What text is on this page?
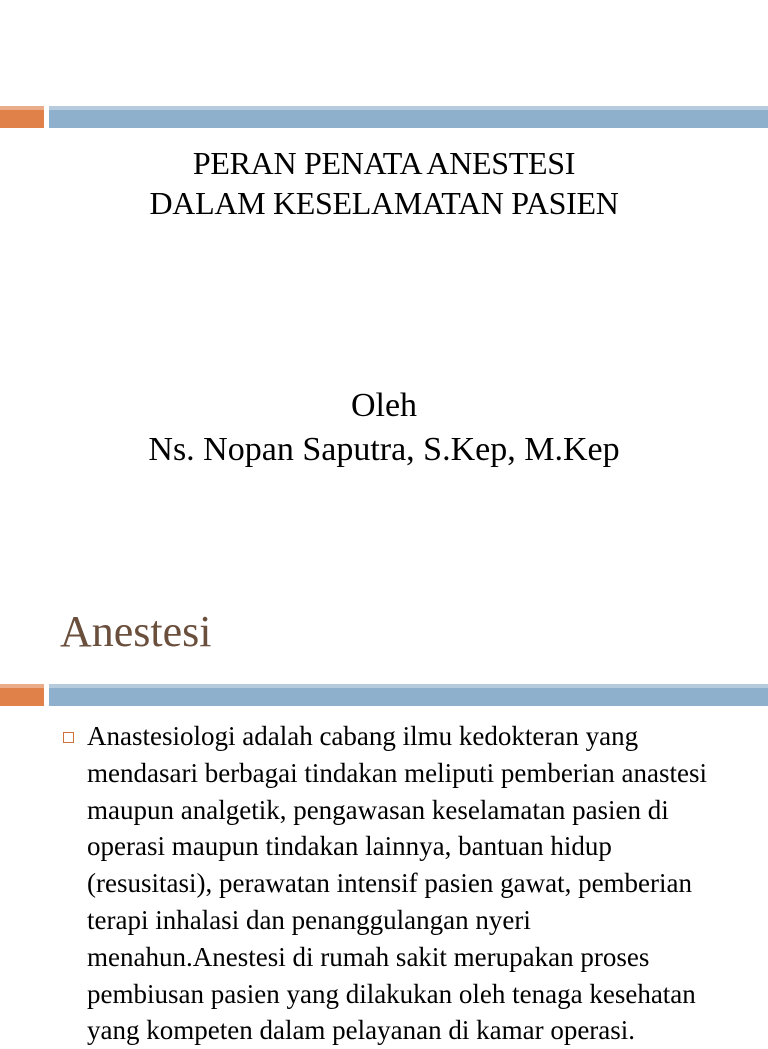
PERAN PENATA ANESTESI
DALAM KESELAMATAN PASIEN
Oleh
Ns. Nopan Saputra, S.Kep, M.Kep
Anestesi
Anastesiologi adalah cabang ilmu kedokteran yang mendasari berbagai tindakan meliputi pemberian anastesi maupun analgetik, pengawasan keselamatan pasien di operasi maupun tindakan lainnya, bantuan hidup (resusitasi), perawatan intensif pasien gawat, pemberian terapi inhalasi dan penanggulangan nyeri menahun.Anestesi di rumah sakit merupakan proses pembiusan pasien yang dilakukan oleh tenaga kesehatan yang kompeten dalam pelayanan di kamar operasi.
